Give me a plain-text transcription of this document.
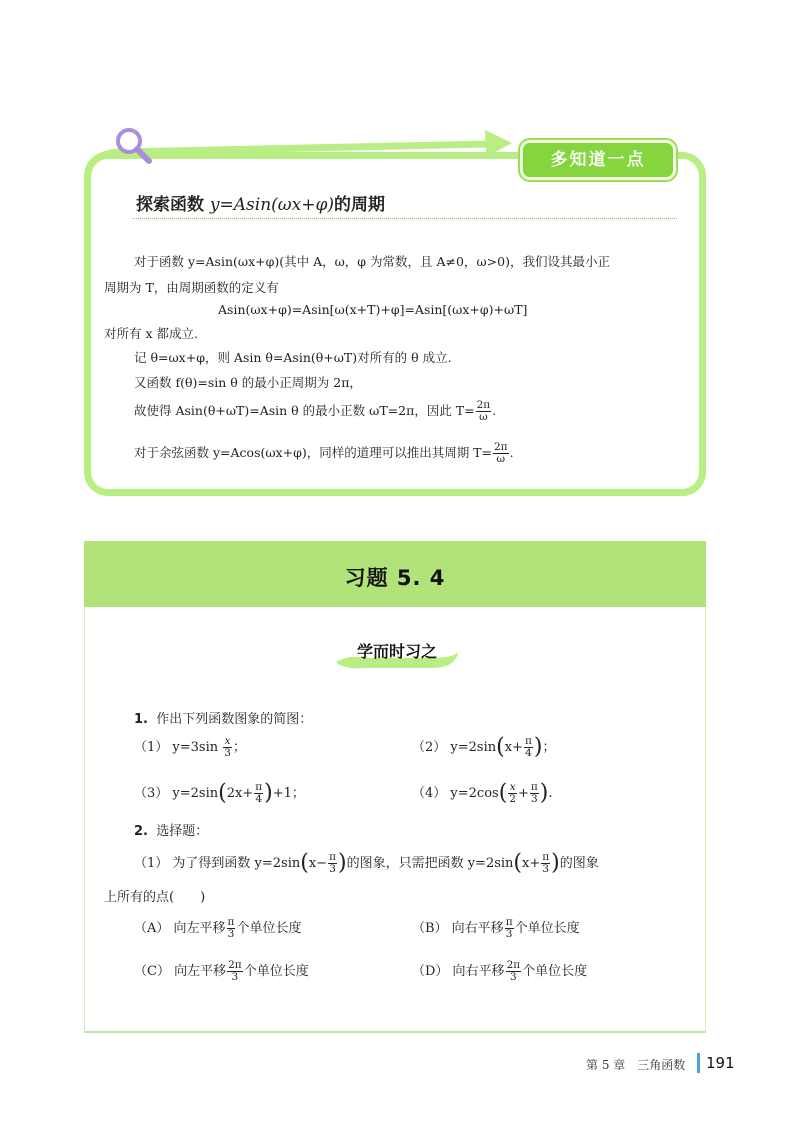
多知道一点
探索函数 y=Asin(ωx+φ)的周期
对于函数 y=Asin(ωx+φ)(其中 A，ω，φ 为常数，且 A≠0，ω>0)，我们设其最小正
周期为 T，由周期函数的定义有
Asin(ωx+φ)=Asin[ω(x+T)+φ]=Asin[(ωx+φ)+ωT]
对所有 x 都成立.
记 θ=ωx+φ，则 Asin θ=Asin(θ+ωT)对所有的 θ 成立.
又函数 f(θ)=sin θ 的最小正周期为 2π，
故使得 Asin(θ+ωT)=Asin θ 的最小正数 ωT=2π，因此 $T= \frac{2\pi}{\omega}$ .
对于余弦函数 y=Acos(ωx+φ)，同样的道理可以推出其周期 $T= \frac{2\pi}{\omega}$ .
习题 5. 4
学而时习之
1. 作出下列函数图象的简图：
（1） $y=3\sin \frac{x}{3}$ ；	（2） $y=2\sin(x+ \frac{\pi}{4}$ )；
（3） $y=2\sin(2x+ \frac{\pi}{4} )+1$；	（4） $y=2\cos( \frac{x}{2} + \frac{\pi}{3}$ ).
2. 选择题：
（1） 为了得到函数 $y=2\sin(x- \frac{\pi}{3}$ )的图象，只需把函数 $y=2\sin(x+ \frac{\pi}{3}$ )的图象
上所有的点(　　)
（A） 向左平移 $\frac{\pi}{3}$ 个单位长度	（B） 向右平移 $\frac{\pi}{3}$ 个单位长度
（C） 向左平移 $\frac{2\pi}{3}$ 个单位长度	（D） 向右平移 $\frac{2\pi}{3}$ 个单位长度
第 5 章　三角函数 191
